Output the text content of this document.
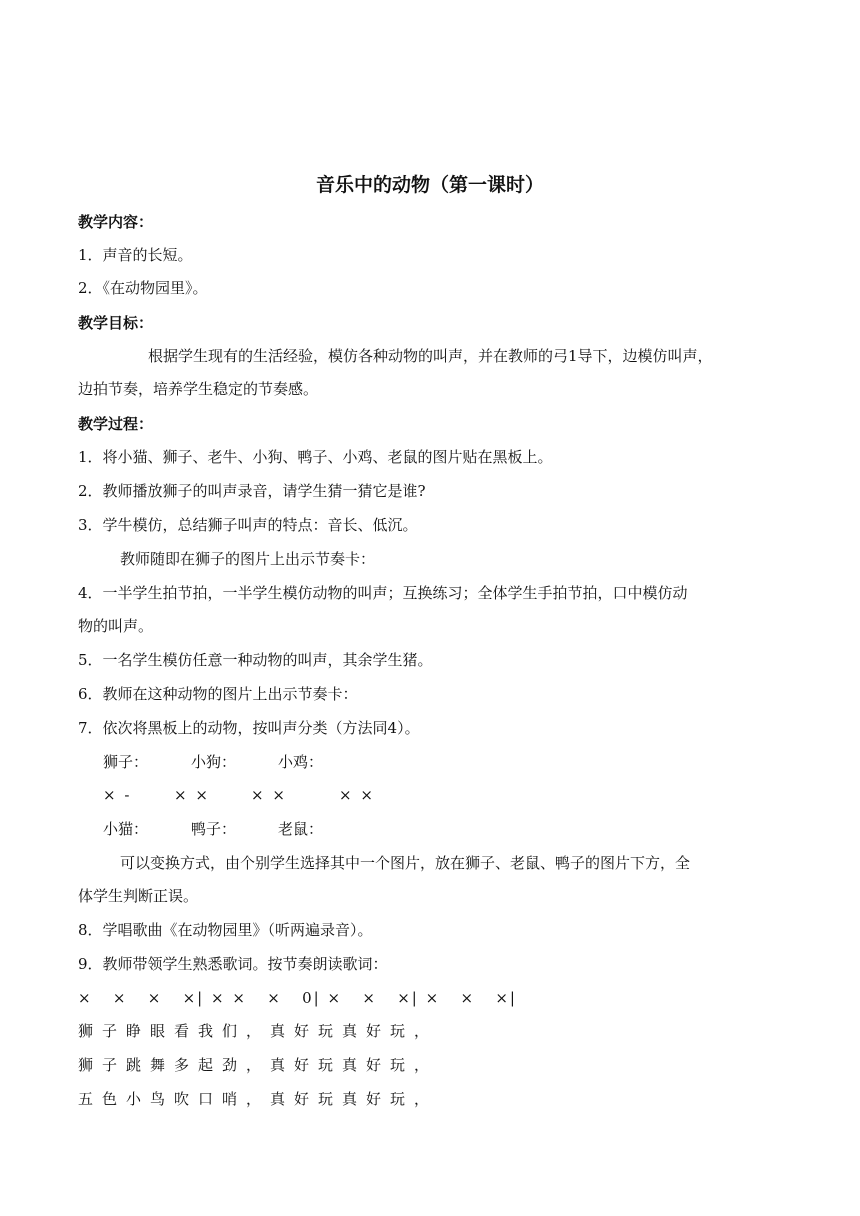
音乐中的动物（第一课时）
教学内容：
1．声音的长短。
2．《在动物园里》。
教学目标：
根据学生现有的生活经验，模仿各种动物的叫声，并在教师的弓1导下，边模仿叫声，
边拍节奏，培养学生稳定的节奏感。
教学过程：
1．将小猫、狮子、老牛、小狗、鸭子、小鸡、老鼠的图片贴在黑板上。
2．教师播放狮子的叫声录音，请学生猜一猜它是谁?
3．学牛模仿，总结狮子叫声的特点：音长、低沉。
教师随即在狮子的图片上出示节奏卡：
4．一半学生拍节拍，一半学生模仿动物的叫声；互换练习；全体学生手拍节拍，口中模仿动
物的叫声。
5．一名学生模仿任意一种动物的叫声，其余学生猪。
6．教师在这种动物的图片上出示节奏卡：
7．依次将黑板上的动物，按叫声分类（方法同4）。
狮子：	小狗：	小鸡：
× -	× ×	× ×	× ×
小猫：	鸭子：	老鼠：
可以变换方式，由个别学生选择其中一个图片，放在狮子、老鼠、鸭子的图片下方，全
体学生判断正误。
8．学唱歌曲《在动物园里》（听两遍录音）。
9．教师带领学生熟悉歌词。按节奏朗读歌词：
×   ×   ×   ×| × ×   ×   0| ×   ×   ×| ×   ×   ×|
狮子睁眼看我们，真好玩真好玩，
狮子跳舞多起劲，真好玩真好玩，
五色小鸟吹口哨，真好玩真好玩，
